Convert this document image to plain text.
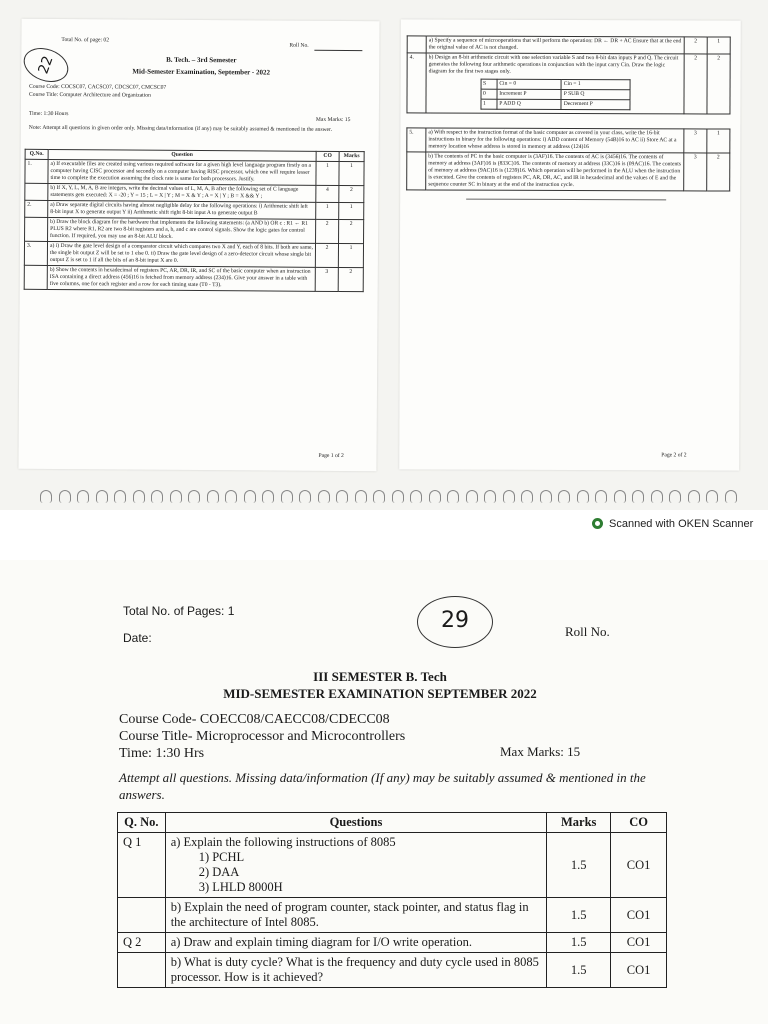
Total No. of page: 02
Roll No.
B. Tech. – 3rd Semester
Mid-Semester Examination, September - 2022
Course Code: COCSC07, CACSC07, CDCSC07, CMCSC07
Course Title: Computer Architecture and Organization
Time: 1:30 Hours
Max Marks: 15
Note: Attempt all questions in given order only. Missing data/information (if any) may be suitably assumed & mentioned in the answer.
Q.No.	Question	CO	Marks
1.	a) If executable files are created using various required software for a given high level language program firstly on a computer having CISC processor and secondly on a computer having RISC processor, which one will require lesser time to complete the execution assuming the clock rate is same for both processors. Justify.	1	1
	b) If X, Y, L, M, A, B are integers, write the decimal values of L, M, A, B after the following set of C language statements gets executed: X = -20 ; Y = 15 ; L = X | Y ; M = X & Y ; A = X | Y ; B = X && Y ;	4	2
2.	a) Draw separate digital circuits having almost negligible delay for the following operations: i) Arithmetic shift left 8-bit input X to generate output Y ii) Arithmetic shift right 8-bit input A to generate output B	1	1
	b) Draw the block diagram for the hardware that implements the following statements: (a AND b) OR c : R1 ← R1 PLUS R2 where R1, R2 are two 8-bit registers and a, b, and c are control signals. Show the logic gates for control function. If required, you may use an 8-bit ALU block.	2	2
3.	a) i) Draw the gate level design of a comparator circuit which compares two X and Y, each of 8 bits. If both are same, the single bit output Z will be set to 1 else 0. ii) Draw the gate level design of a zero-detector circuit whose single bit output Z is set to 1 if all the bits of an 8-bit input X are 0.	2	1
	b) Show the contents in hexadecimal of registers PC, AR, DR, IR, and SC of the basic computer when an instruction ISA containing a direct address (456)16 is fetched from memory address (234)16. Give your answer in a table with five columns, one for each register and a row for each timing state (T0 - T3).	3	2
Page 1 of 2
	a) Specify a sequence of microoperations that will perform the operation: DR ← DR + AC Ensure that at the end the original value of AC is not changed.	2	1
4.	b) Design an 8-bit arithmetic circuit with one selection variable S and two 8-bit data inputs P and Q. The circuit generates the following four arithmetic operations in conjunction with the input carry Cin. Draw the logic diagram for the first two stages only.
S	Cin = 0	Cin = 1
0	Increment P	P SUB Q
1	P ADD Q	Decrement P
	2	2
5.	a) With respect to the instruction format of the basic computer as covered in your class, write the 16-bit instructions in binary for the following operations: i) ADD content of Memory (54B)16 to AC ii) Store AC at a memory location whose address is stored in memory at address (124)16	3	1
	b) The contents of PC in the basic computer is (3AF)16. The contents of AC is (3456)16. The contents of memory at address (3AF)16 is (833C)16. The contents of memory at address (33C)16 is (09AC)16. The contents of memory at address (9AC)16 is (1239)16. Which operation will be performed in the ALU when the instruction is executed. Give the contents of registers PC, AR, DR, AC, and IR in hexadecimal and the values of E and the sequence counter SC in binary at the end of the instruction cycle.	3	2
Page 2 of 2
22
Scanned with OKEN Scanner
Total No. of Pages: 1
Date:
29	Roll No.
III SEMESTER B. Tech
MID-SEMESTER EXAMINATION SEPTEMBER 2022
Course Code- COECC08/CAECC08/CDECC08
Course Title- Microprocessor and Microcontrollers
Time: 1:30 Hrs	Max Marks: 15
Attempt all questions. Missing data/information (If any) may be suitably assumed & mentioned in the answers.
Q. No.	Questions	Marks	CO
Q 1	a) Explain the following instructions of 8085
1) PCHL
2) DAA
3) LHLD 8000H	1.5	CO1
	b) Explain the need of program counter, stack pointer, and status flag in the architecture of Intel 8085.	1.5	CO1
Q 2	a) Draw and explain timing diagram for I/O write operation.	1.5	CO1
	b) What is duty cycle? What is the frequency and duty cycle used in 8085 processor. How is it achieved?	1.5	CO1
